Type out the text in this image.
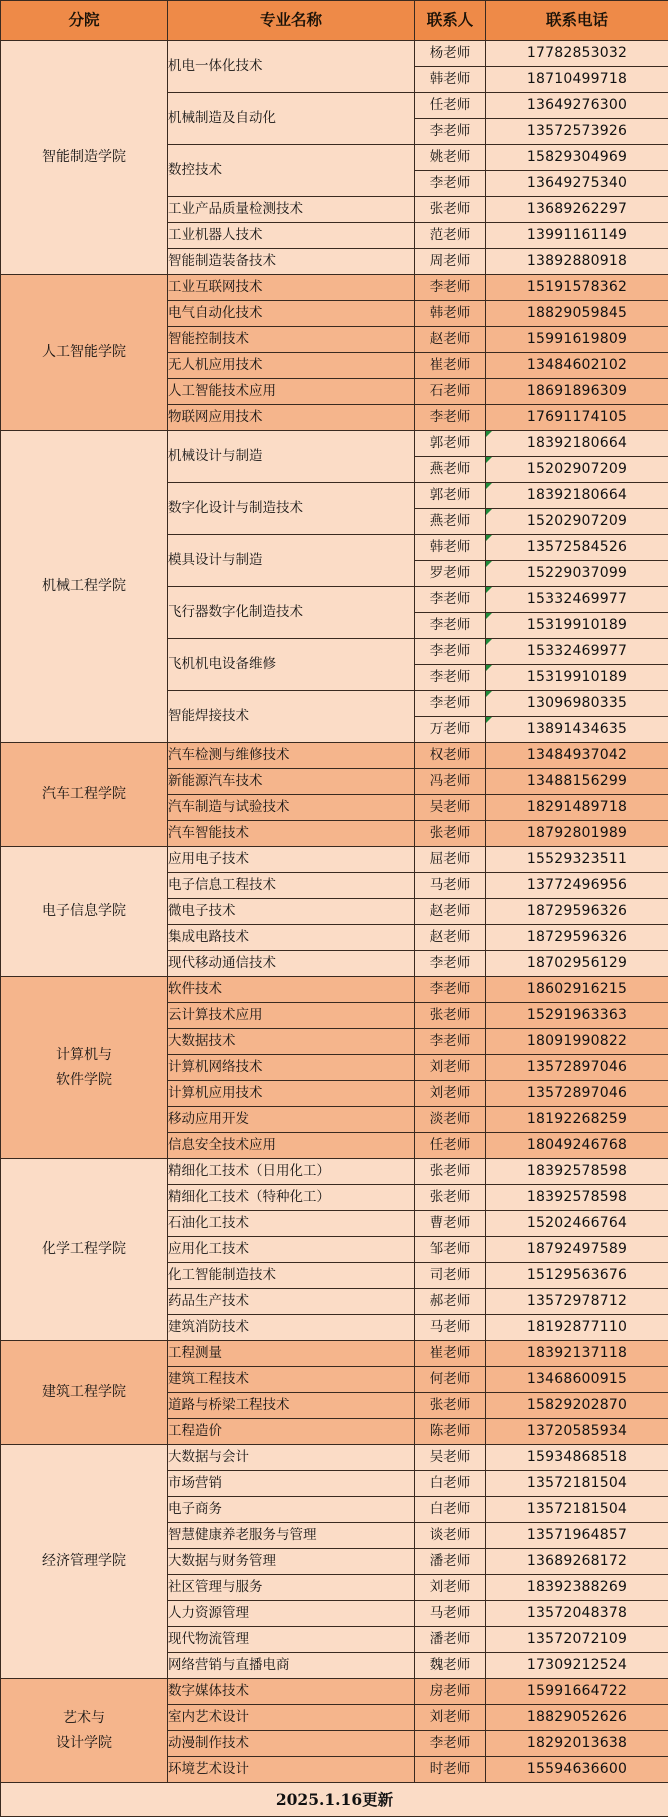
分院	专业名称	联系人	联系电话
智能制造学院	机电一体化技术	杨老师	17782853032
		韩老师	18710499718
	机械制造及自动化	任老师	13649276300
		李老师	13572573926
	数控技术	姚老师	15829304969
		李老师	13649275340
	工业产品质量检测技术	张老师	13689262297
	工业机器人技术	范老师	13991161149
	智能制造装备技术	周老师	13892880918
人工智能学院	工业互联网技术	李老师	15191578362
	电气自动化技术	韩老师	18829059845
	智能控制技术	赵老师	15991619809
	无人机应用技术	崔老师	13484602102
	人工智能技术应用	石老师	18691896309
	物联网应用技术	李老师	17691174105
机械工程学院	机械设计与制造	郭老师	18392180664
		燕老师	15202907209
	数字化设计与制造技术	郭老师	18392180664
		燕老师	15202907209
	模具设计与制造	韩老师	13572584526
		罗老师	15229037099
	飞行器数字化制造技术	李老师	15332469977
		李老师	15319910189
	飞机机电设备维修	李老师	15332469977
		李老师	15319910189
	智能焊接技术	李老师	13096980335
		万老师	13891434635
汽车工程学院	汽车检测与维修技术	权老师	13484937042
	新能源汽车技术	冯老师	13488156299
	汽车制造与试验技术	吴老师	18291489718
	汽车智能技术	张老师	18792801989
电子信息学院	应用电子技术	屈老师	15529323511
	电子信息工程技术	马老师	13772496956
	微电子技术	赵老师	18729596326
	集成电路技术	赵老师	18729596326
	现代移动通信技术	李老师	18702956129
计算机与
软件学院	软件技术	李老师	18602916215
	云计算技术应用	张老师	15291963363
	大数据技术	李老师	18091990822
	计算机网络技术	刘老师	13572897046
	计算机应用技术	刘老师	13572897046
	移动应用开发	淡老师	18192268259
	信息安全技术应用	任老师	18049246768
化学工程学院	精细化工技术（日用化工）	张老师	18392578598
	精细化工技术（特种化工）	张老师	18392578598
	石油化工技术	曹老师	15202466764
	应用化工技术	邹老师	18792497589
	化工智能制造技术	司老师	15129563676
	药品生产技术	郝老师	13572978712
	建筑消防技术	马老师	18192877110
建筑工程学院	工程测量	崔老师	18392137118
	建筑工程技术	何老师	13468600915
	道路与桥梁工程技术	张老师	15829202870
	工程造价	陈老师	13720585934
经济管理学院	大数据与会计	吴老师	15934868518
	市场营销	白老师	13572181504
	电子商务	白老师	13572181504
	智慧健康养老服务与管理	谈老师	13571964857
	大数据与财务管理	潘老师	13689268172
	社区管理与服务	刘老师	18392388269
	人力资源管理	马老师	13572048378
	现代物流管理	潘老师	13572072109
	网络营销与直播电商	魏老师	17309212524
艺术与
设计学院	数字媒体技术	房老师	15991664722
	室内艺术设计	刘老师	18829052626
	动漫制作技术	李老师	18292013638
	环境艺术设计	时老师	15594636600
2025.1.16更新			
